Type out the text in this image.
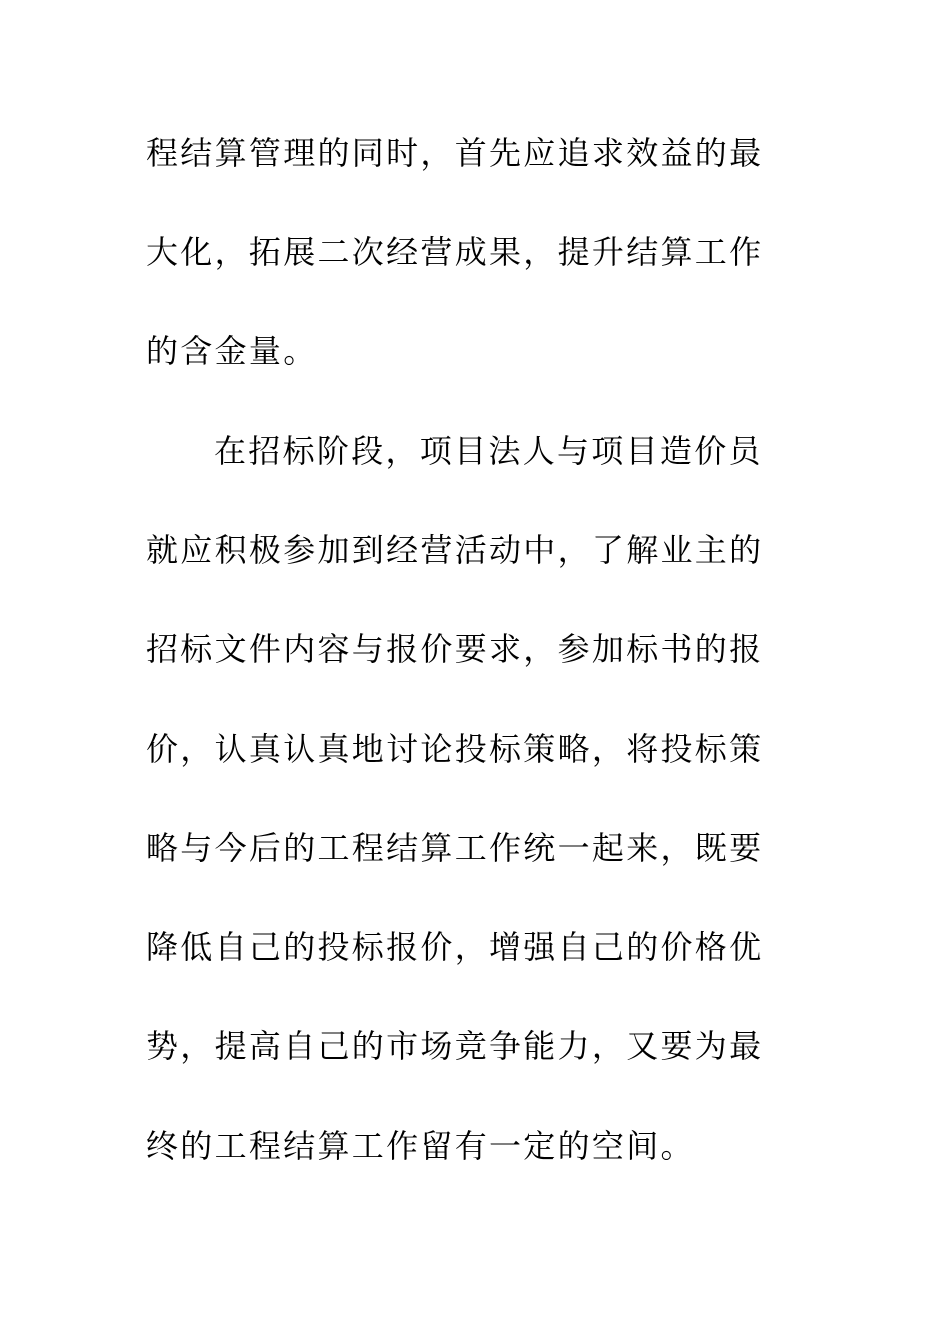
程结算管理的同时，首先应追求效益的最
大化，拓展二次经营成果，提升结算工作
的含金量。
在招标阶段，项目法人与项目造价员
就应积极参加到经营活动中，了解业主的
招标文件内容与报价要求，参加标书的报
价，认真认真地讨论投标策略，将投标策
略与今后的工程结算工作统一起来，既要
降低自己的投标报价，增强自己的价格优
势，提高自己的市场竞争能力，又要为最
终的工程结算工作留有一定的空间。
